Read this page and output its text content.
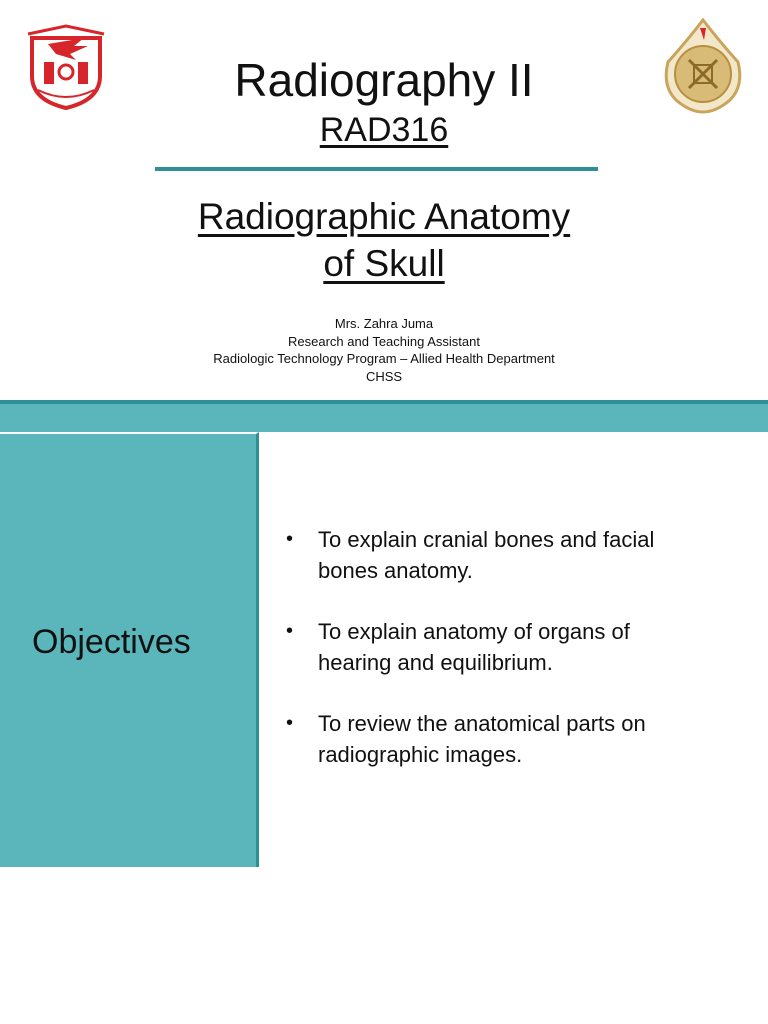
Radiography II
RAD316
Radiographic Anatomy
of Skull
Mrs. Zahra Juma
Research and Teaching Assistant
Radiologic Technology Program – Allied Health Department
CHSS
Objectives
• To explain cranial bones and facial
bones anatomy.
• To explain anatomy of organs of
hearing and equilibrium.
• To review the anatomical parts on
radiographic images.
